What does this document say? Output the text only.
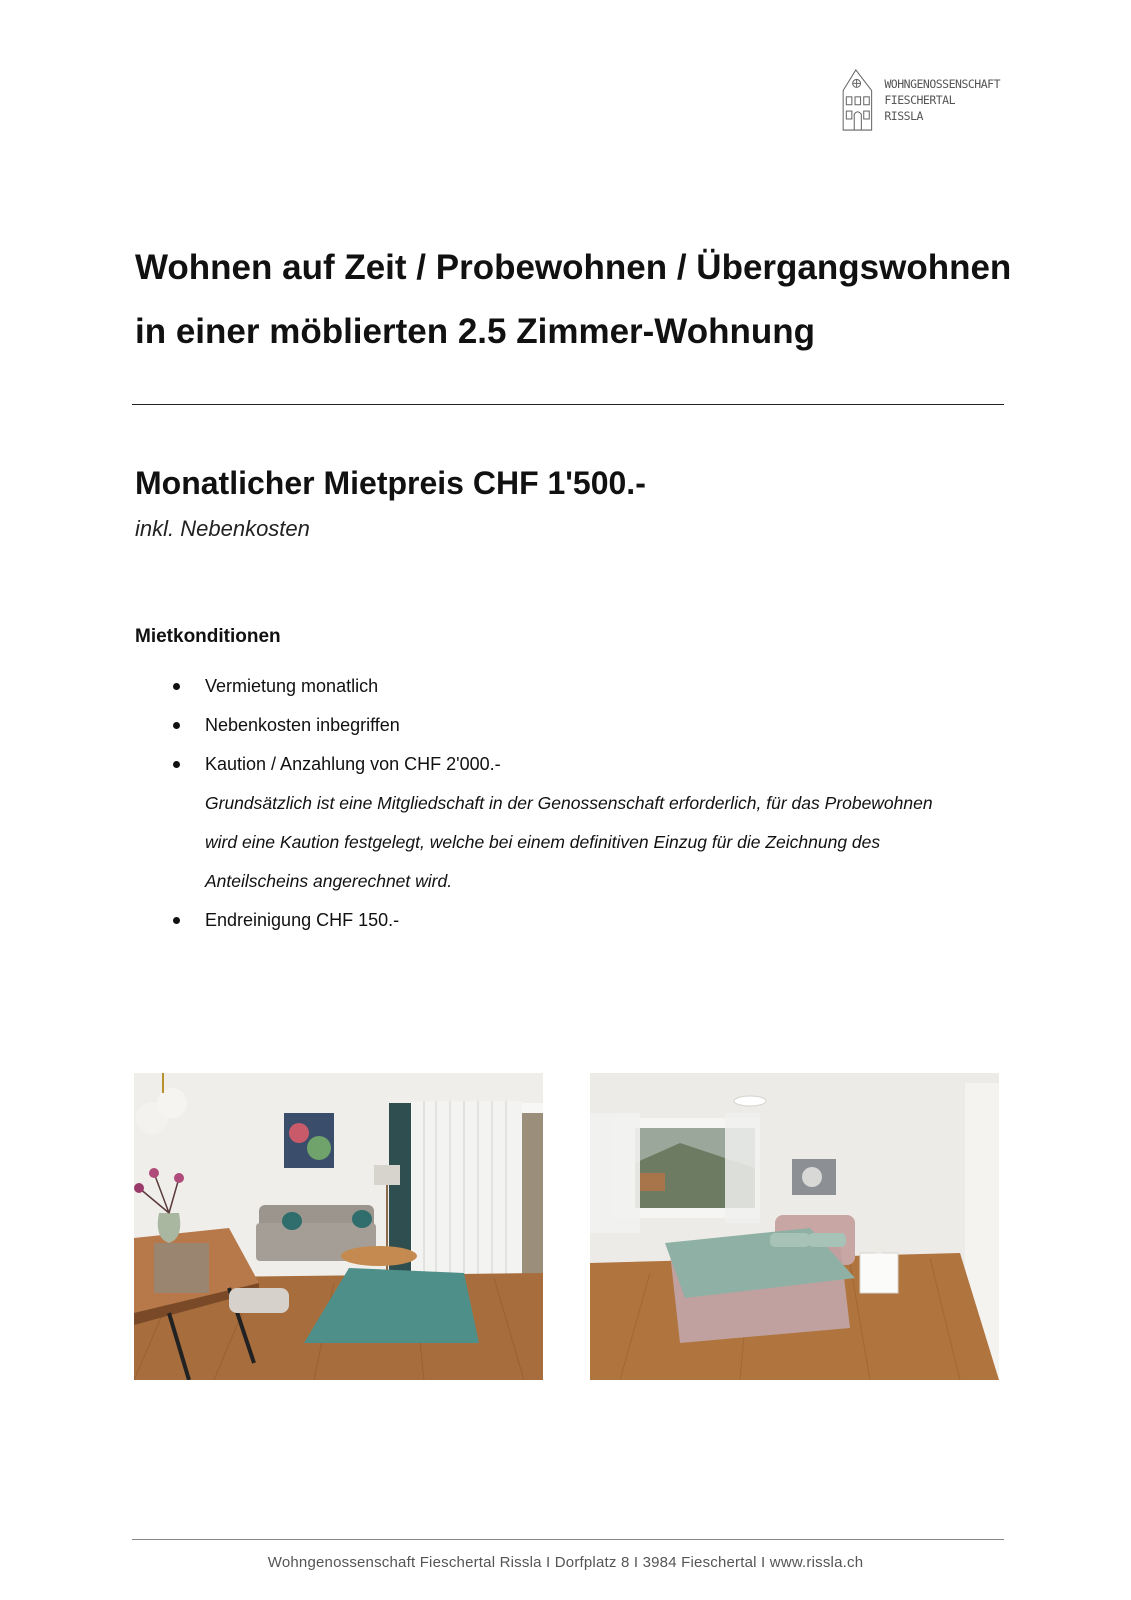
WOHNGENOSSENSCHAFT
FIESCHERTAL
RISSLA
Wohnen auf Zeit / Probewohnen / Übergangswohnen
in einer möblierten 2.5 Zimmer-Wohnung
Monatlicher Mietpreis CHF 1'500.-
inkl. Nebenkosten
Mietkonditionen
Vermietung monatlich
Nebenkosten inbegriffen
Kaution / Anzahlung von CHF 2'000.-
Grundsätzlich ist eine Mitgliedschaft in der Genossenschaft erforderlich, für das Probewohnen
wird eine Kaution festgelegt, welche bei einem definitiven Einzug für die Zeichnung des
Anteilscheins angerechnet wird.
Endreinigung CHF 150.-
Wohngenossenschaft Fieschertal Rissla I Dorfplatz 8 I 3984 Fieschertal I www.rissla.ch
